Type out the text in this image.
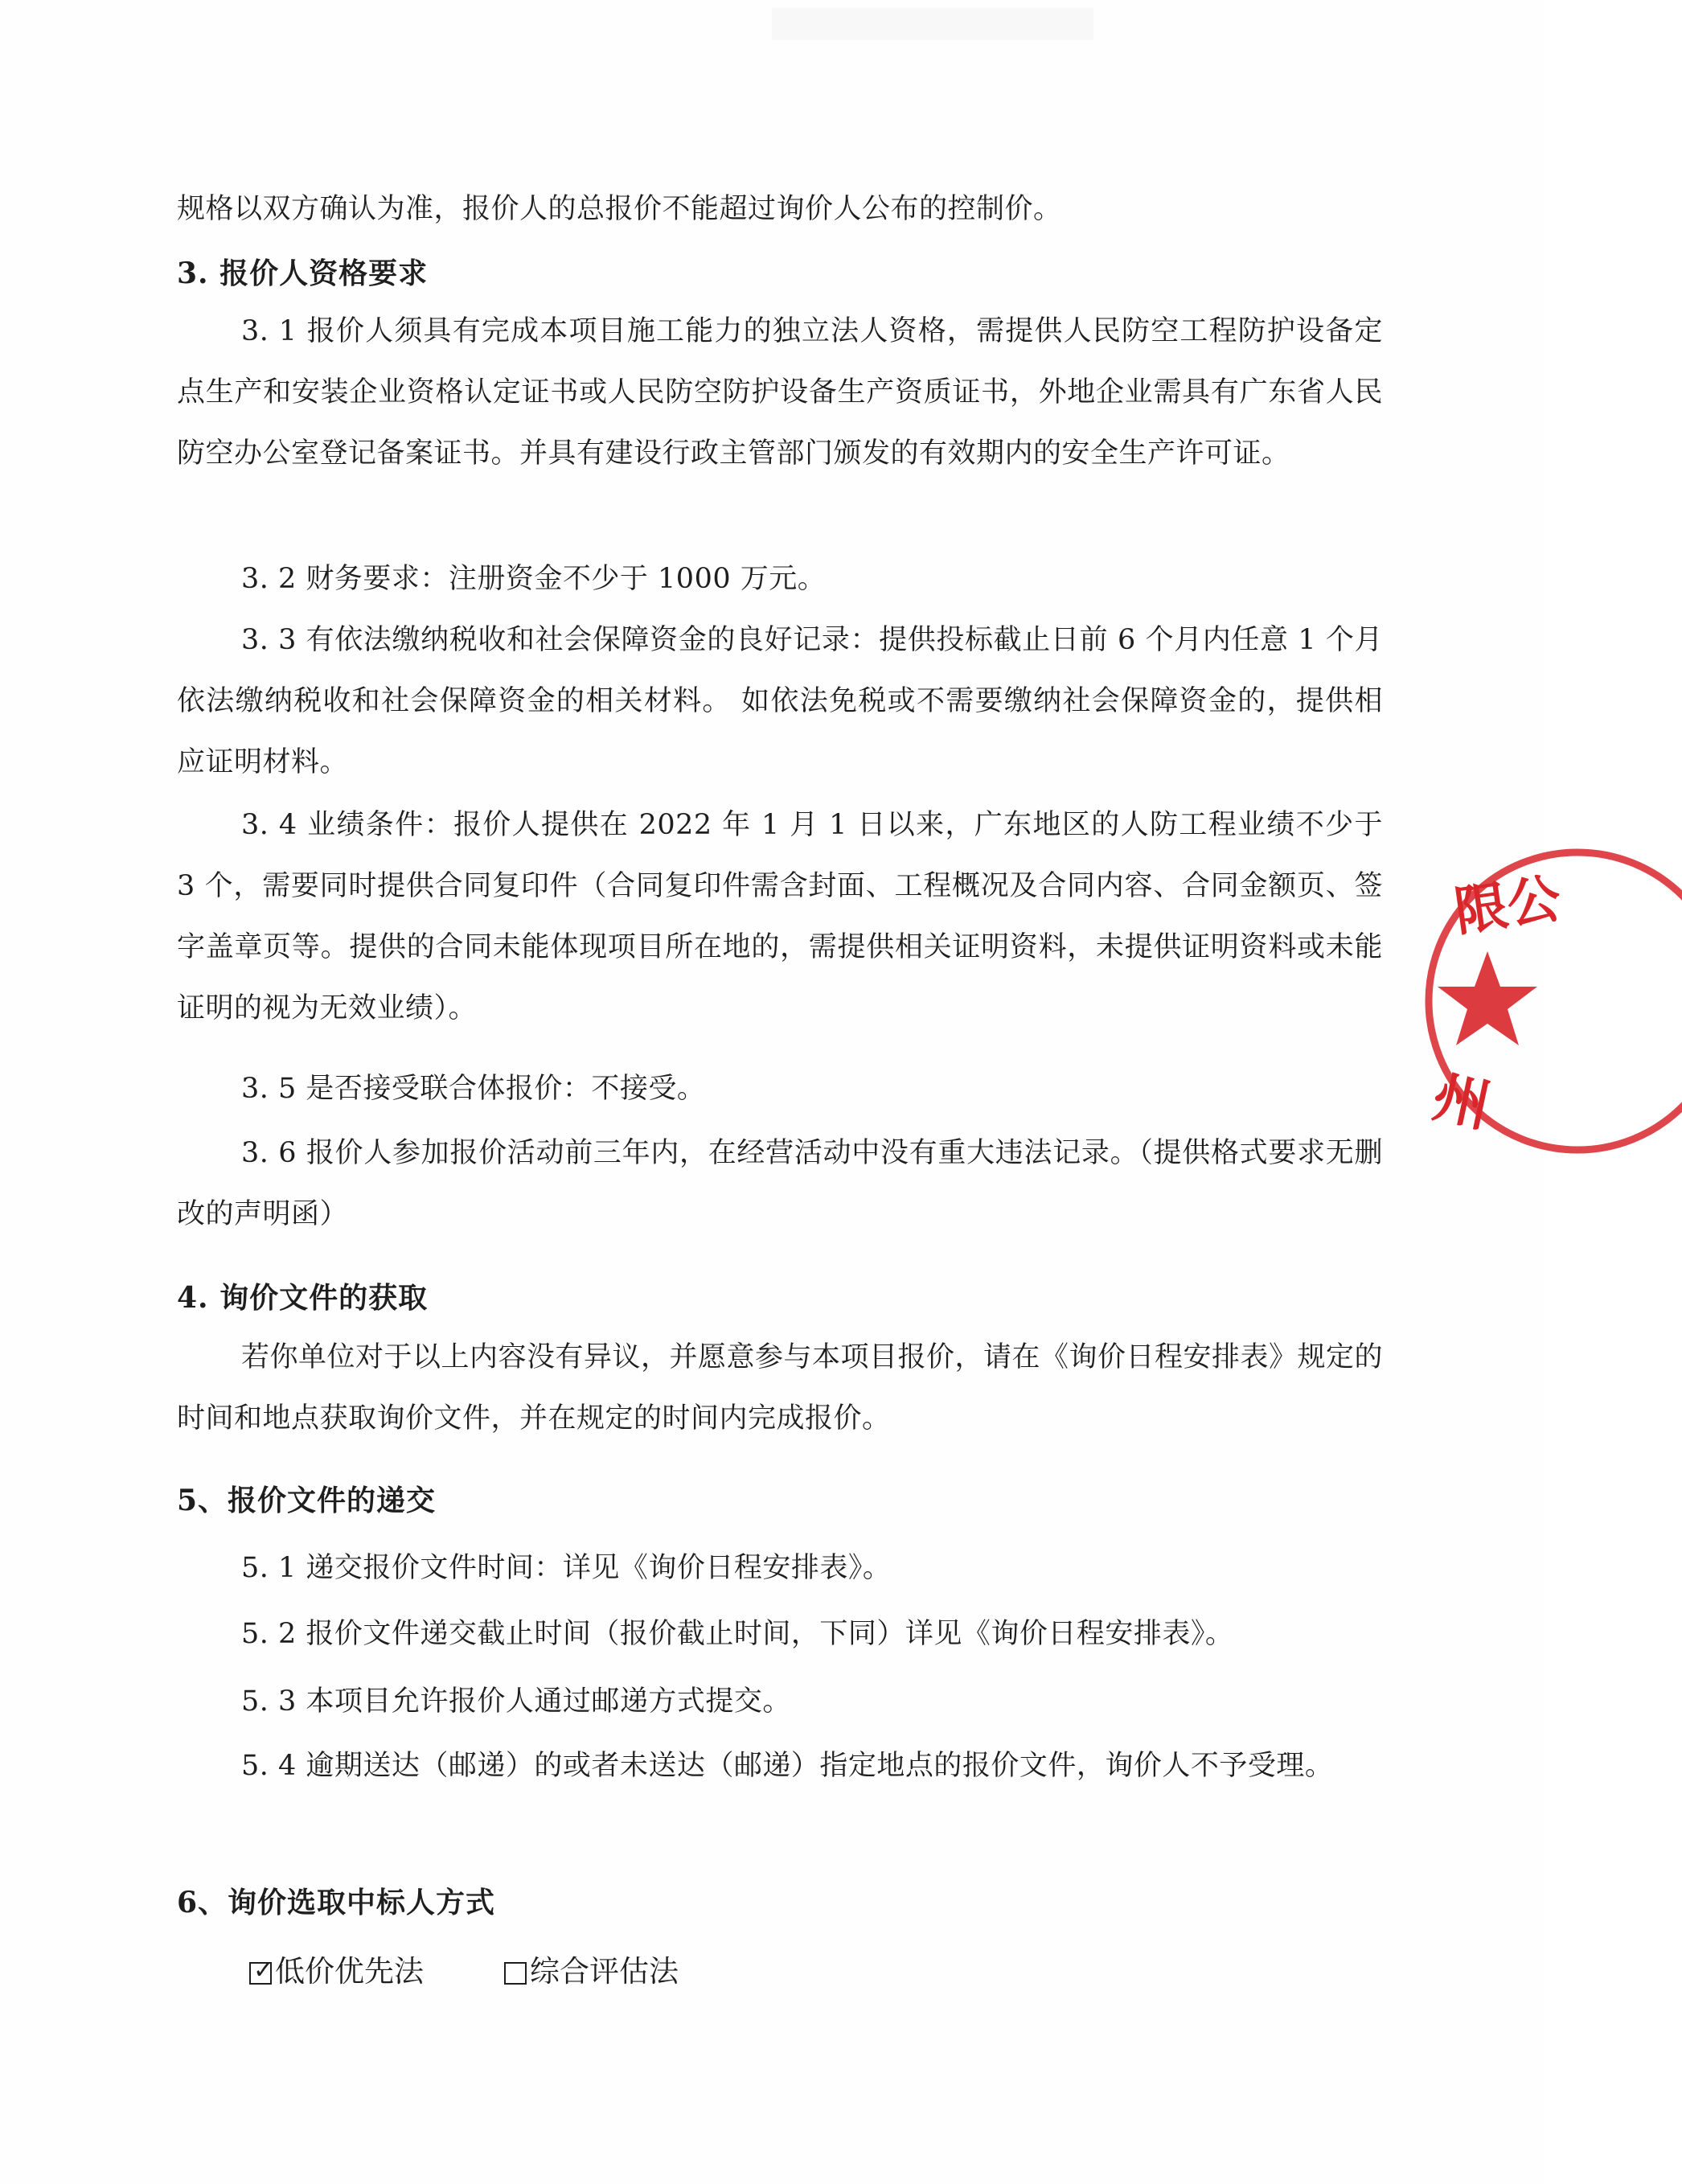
规格以双方确认为准，报价人的总报价不能超过询价人公布的控制价。

3. 报价人资格要求

3. 1 报价人须具有完成本项目施工能力的独立法人资格，需提供人民防空工程防护设备定点生产和安装企业资格认定证书或人民防空防护设备生产资质证书，外地企业需具有广东省人民防空办公室登记备案证书。并具有建设行政主管部门颁发的有效期内的安全生产许可证。

3. 2 财务要求：注册资金不少于 1000 万元。

3. 3 有依法缴纳税收和社会保障资金的良好记录：提供投标截止日前 6 个月内任意 1 个月依法缴纳税收和社会保障资金的相关材料。 如依法免税或不需要缴纳社会保障资金的，提供相应证明材料。

3. 4 业绩条件：报价人提供在 2022 年 1 月 1 日以来，广东地区的人防工程业绩不少于 3 个，需要同时提供合同复印件（合同复印件需含封面、工程概况及合同内容、合同金额页、签字盖章页等。提供的合同未能体现项目所在地的，需提供相关证明资料，未提供证明资料或未能证明的视为无效业绩）。

3. 5 是否接受联合体报价：不接受。

3. 6 报价人参加报价活动前三年内，在经营活动中没有重大违法记录。（提供格式要求无删改的声明函）

4. 询价文件的获取

若你单位对于以上内容没有异议，并愿意参与本项目报价，请在《询价日程安排表》规定的时间和地点获取询价文件，并在规定的时间内完成报价。

5、报价文件的递交

5. 1 递交报价文件时间：详见《询价日程安排表》。

5. 2 报价文件递交截止时间（报价截止时间，下同）详见《询价日程安排表》。

5. 3 本项目允许报价人通过邮递方式提交。

5. 4 逾期送达（邮递）的或者未送达（邮递）指定地点的报价文件，询价人不予受理。

6、询价选取中标人方式

✓ 低价优先法	综合评估法
限公
州
